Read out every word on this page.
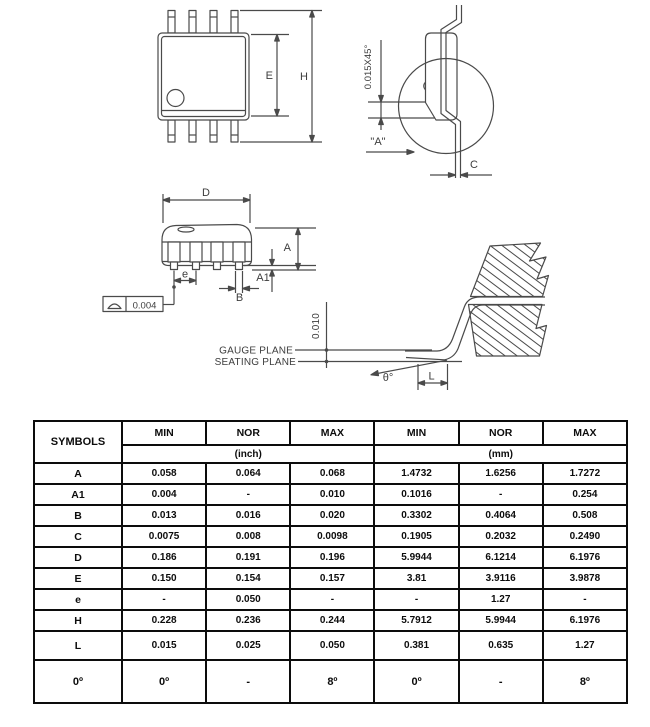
E H	0.015X45°
"A"
C
D
A
A1
e
B
0.004
GAUGE PLANE
SEATING PLANE
0.010
θ°	L
SYMBOLS	MIN	NOR	MAX	MIN	NOR	MAX
	(inch)			(mm)		
A	0.058	0.064	0.068	1.4732	1.6256	1.7272
A1	0.004	-	0.010	0.1016	-	0.254
B	0.013	0.016	0.020	0.3302	0.4064	0.508
C	0.0075	0.008	0.0098	0.1905	0.2032	0.2490
D	0.186	0.191	0.196	5.9944	6.1214	6.1976
E	0.150	0.154	0.157	3.81	3.9116	3.9878
e	-	0.050	-	-	1.27	-
H	0.228	0.236	0.244	5.7912	5.9944	6.1976
L	0.015	0.025	0.050	0.381	0.635	1.27
0º	0º	-	8º	0º	-	8º
